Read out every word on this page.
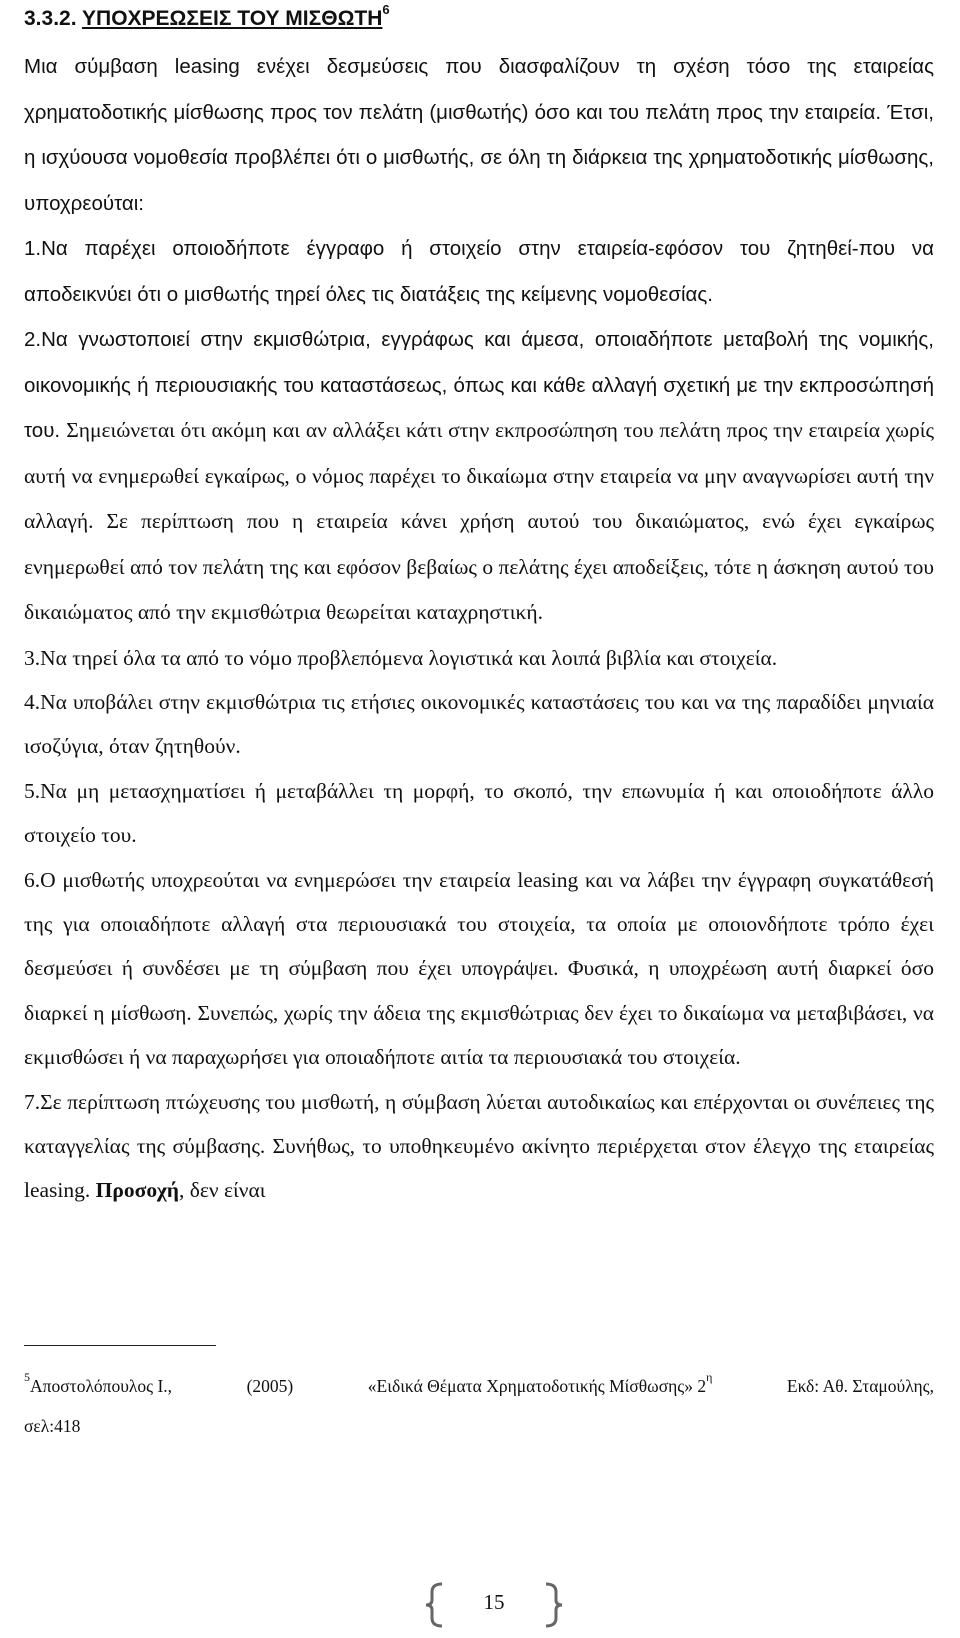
3.3.2. ΥΠΟΧΡΕΩΣΕΙΣ ΤΟΥ ΜΙΣΘΩΤΗ$^6$

Μια σύμβαση leasing ενέχει δεσμεύσεις που διασφαλίζουν τη σχέση τόσο της εταιρείας χρηματοδοτικής μίσθωσης προς τον πελάτη (μισθωτής) όσο και του πελάτη προς την εταιρεία. Έτσι, η ισχύουσα νομοθεσία προβλέπει ότι ο μισθωτής, σε όλη τη διάρκεια της χρηματοδοτικής μίσθωσης, υποχρεούται:

1.Να παρέχει οποιοδήποτε έγγραφο ή στοιχείο στην εταιρεία-εφόσον του ζητηθεί-που να αποδεικνύει ότι ο μισθωτής τηρεί όλες τις διατάξεις της κείμενης νομοθεσίας.

2.Να γνωστοποιεί στην εκμισθώτρια, εγγράφως και άμεσα, οποιαδήποτε μεταβολή της νομικής, οικονομικής ή περιουσιακής του καταστάσεως, όπως και κάθε αλλαγή σχετική με την εκπροσώπησή του. Σημειώνεται ότι ακόμη και αν αλλάξει κάτι στην εκπροσώπηση του πελάτη προς την εταιρεία χωρίς αυτή να ενημερωθεί εγκαίρως, ο νόμος παρέχει το δικαίωμα στην εταιρεία να μην αναγνωρίσει αυτή την αλλαγή. Σε περίπτωση που η εταιρεία κάνει χρήση αυτού του δικαιώματος, ενώ έχει εγκαίρως ενημερωθεί από τον πελάτη της και εφόσον βεβαίως ο πελάτης έχει αποδείξεις, τότε η άσκηση αυτού του δικαιώματος από την εκμισθώτρια θεωρείται καταχρηστική.

3.Να τηρεί όλα τα από το νόμο προβλεπόμενα λογιστικά και λοιπά βιβλία και στοιχεία.

4.Να υποβάλει στην εκμισθώτρια τις ετήσιες οικονομικές καταστάσεις του και να της παραδίδει μηνιαία ισοζύγια, όταν ζητηθούν.

5.Να μη μετασχηματίσει ή μεταβάλλει τη μορφή, το σκοπό, την επωνυμία ή και οποιοδήποτε άλλο στοιχείο του.

6.Ο μισθωτής υποχρεούται να ενημερώσει την εταιρεία leasing και να λάβει την έγγραφη συγκατάθεσή της για οποιαδήποτε αλλαγή στα περιουσιακά του στοιχεία, τα οποία με οποιονδήποτε τρόπο έχει δεσμεύσει ή συνδέσει με τη σύμβαση που έχει υπογράψει. Φυσικά, η υποχρέωση αυτή διαρκεί όσο διαρκεί η μίσθωση. Συνεπώς, χωρίς την άδεια της εκμισθώτριας δεν έχει το δικαίωμα να μεταβιβάσει, να εκμισθώσει ή να παραχωρήσει για οποιαδήποτε αιτία τα περιουσιακά του στοιχεία.

7.Σε περίπτωση πτώχευσης του μισθωτή, η σύμβαση λύεται αυτοδικαίως και επέρχονται οι συνέπειες της καταγγελίας της σύμβασης. Συνήθως, το υποθηκευμένο ακίνητο περιέρχεται στον έλεγχο της εταιρείας leasing. Προσοχή, δεν είναι

$^5$Αποστολόπουλος Ι.,	(2005)	«Ειδικά Θέματα Χρηματοδοτικής Μίσθωσης» $2^\eta$	Εκδ: Αθ. Σταμούλης,
σελ:418
15
